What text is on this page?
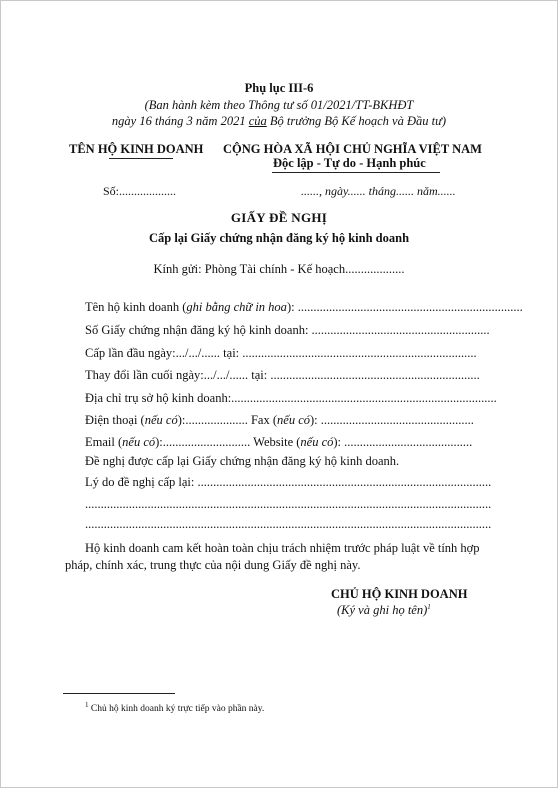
Phụ lục III-6
(Ban hành kèm theo Thông tư số 01/2021/TT-BKHĐT
ngày 16 tháng 3 năm 2021 của Bộ trưởng Bộ Kế hoạch và Đầu tư)
TÊN HỘ KINH DOANH CỘNG HÒA XÃ HỘI CHỦ NGHĨA VIỆT NAM
Độc lập - Tự do - Hạnh phúc
Số:...................	......, ngày...... tháng...... năm......
GIẤY ĐỀ NGHỊ
Cấp lại Giấy chứng nhận đăng ký hộ kinh doanh
Kính gửi: Phòng Tài chính - Kế hoạch...................
Tên hộ kinh doanh (ghi bằng chữ in hoa): ........................................................................
Số Giấy chứng nhận đăng ký hộ kinh doanh: .........................................................
Cấp lần đầu ngày:.../.../...... tại: ...........................................................................
Thay đổi lần cuối ngày:.../.../...... tại: ...................................................................
Địa chỉ trụ sở hộ kinh doanh:.....................................................................................
Điện thoại (nếu có):.................... Fax (nếu có): .................................................
Email (nếu có):............................ Website (nếu có): .........................................
Đề nghị được cấp lại Giấy chứng nhận đăng ký hộ kinh doanh.
Lý do đề nghị cấp lại: ..............................................................................................
..................................................................................................................................
..................................................................................................................................
Hộ kinh doanh cam kết hoàn toàn chịu trách nhiệm trước pháp luật về tính hợp
pháp, chính xác, trung thực của nội dung Giấy đề nghị này.
CHỦ HỘ KINH DOANH
(Ký và ghi họ tên)$^1$
$^1$ Chủ hộ kinh doanh ký trực tiếp vào phần này.
